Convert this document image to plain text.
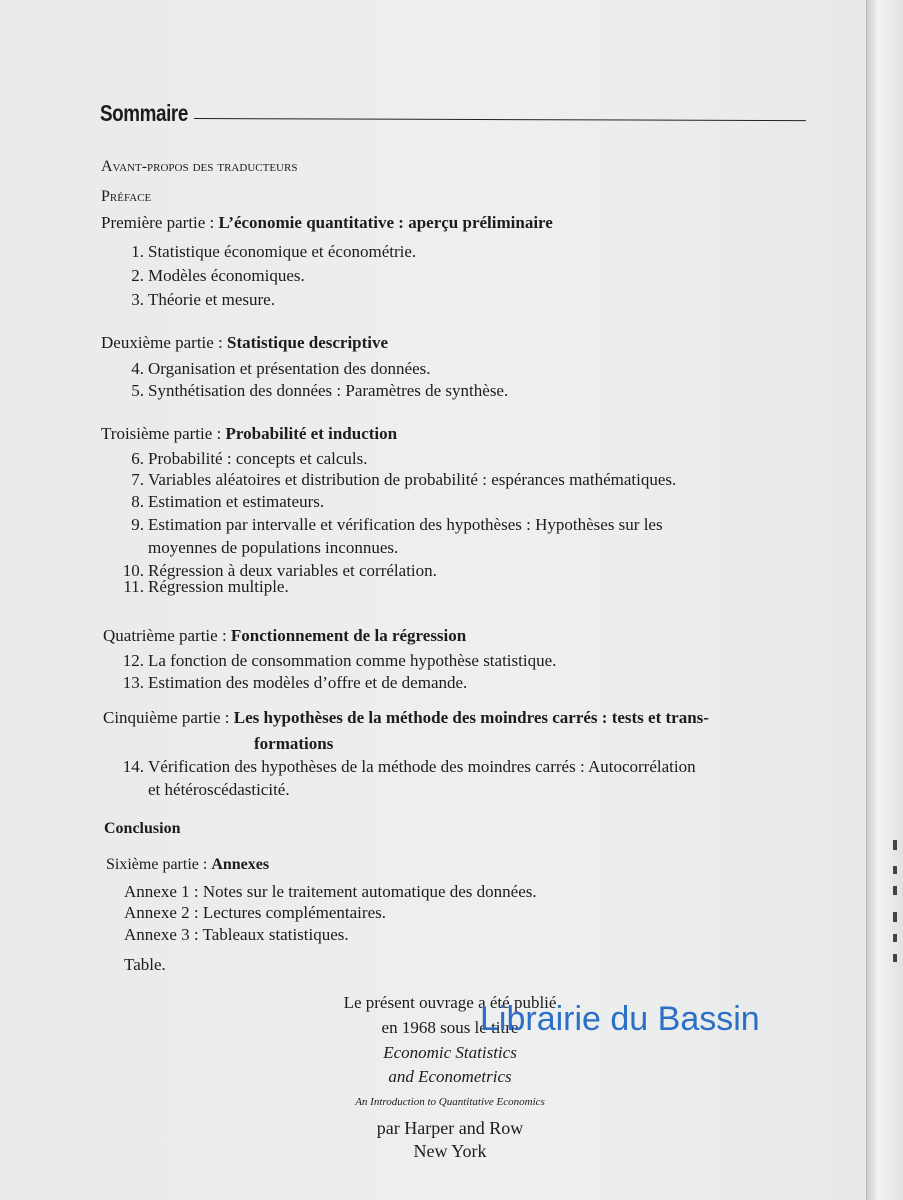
Sommaire
Avant-propos des traducteurs
Préface
Première partie : L’économie quantitative : aperçu préliminaire
1. Statistique économique et économétrie.
2. Modèles économiques.
3. Théorie et mesure.
Deuxième partie : Statistique descriptive
4. Organisation et présentation des données.
5. Synthétisation des données : Paramètres de synthèse.
Troisième partie : Probabilité et induction
6. Probabilité : concepts et calculs.
7. Variables aléatoires et distribution de probabilité : espérances mathématiques.
8. Estimation et estimateurs.
9. Estimation par intervalle et vérification des hypothèses : Hypothèses sur les
moyennes de populations inconnues.
10. Régression à deux variables et corrélation.
11. Régression multiple.
Quatrième partie : Fonctionnement de la régression
12. La fonction de consommation comme hypothèse statistique.
13. Estimation des modèles d’offre et de demande.
Cinquième partie : Les hypothèses de la méthode des moindres carrés : tests et trans-
formations
14. Vérification des hypothèses de la méthode des moindres carrés : Autocorrélation
et hétéroscédasticité.
Conclusion
Sixième partie : Annexes
Annexe 1 : Notes sur le traitement automatique des données.
Annexe 2 : Lectures complémentaires.
Annexe 3 : Tableaux statistiques.
Table.
Le présent ouvrage a été publié
en 1968 sous le titre
Economic Statistics
and Econometrics
An Introduction to Quantitative Economics
par Harper and Row
New York
Librairie du Bassin
